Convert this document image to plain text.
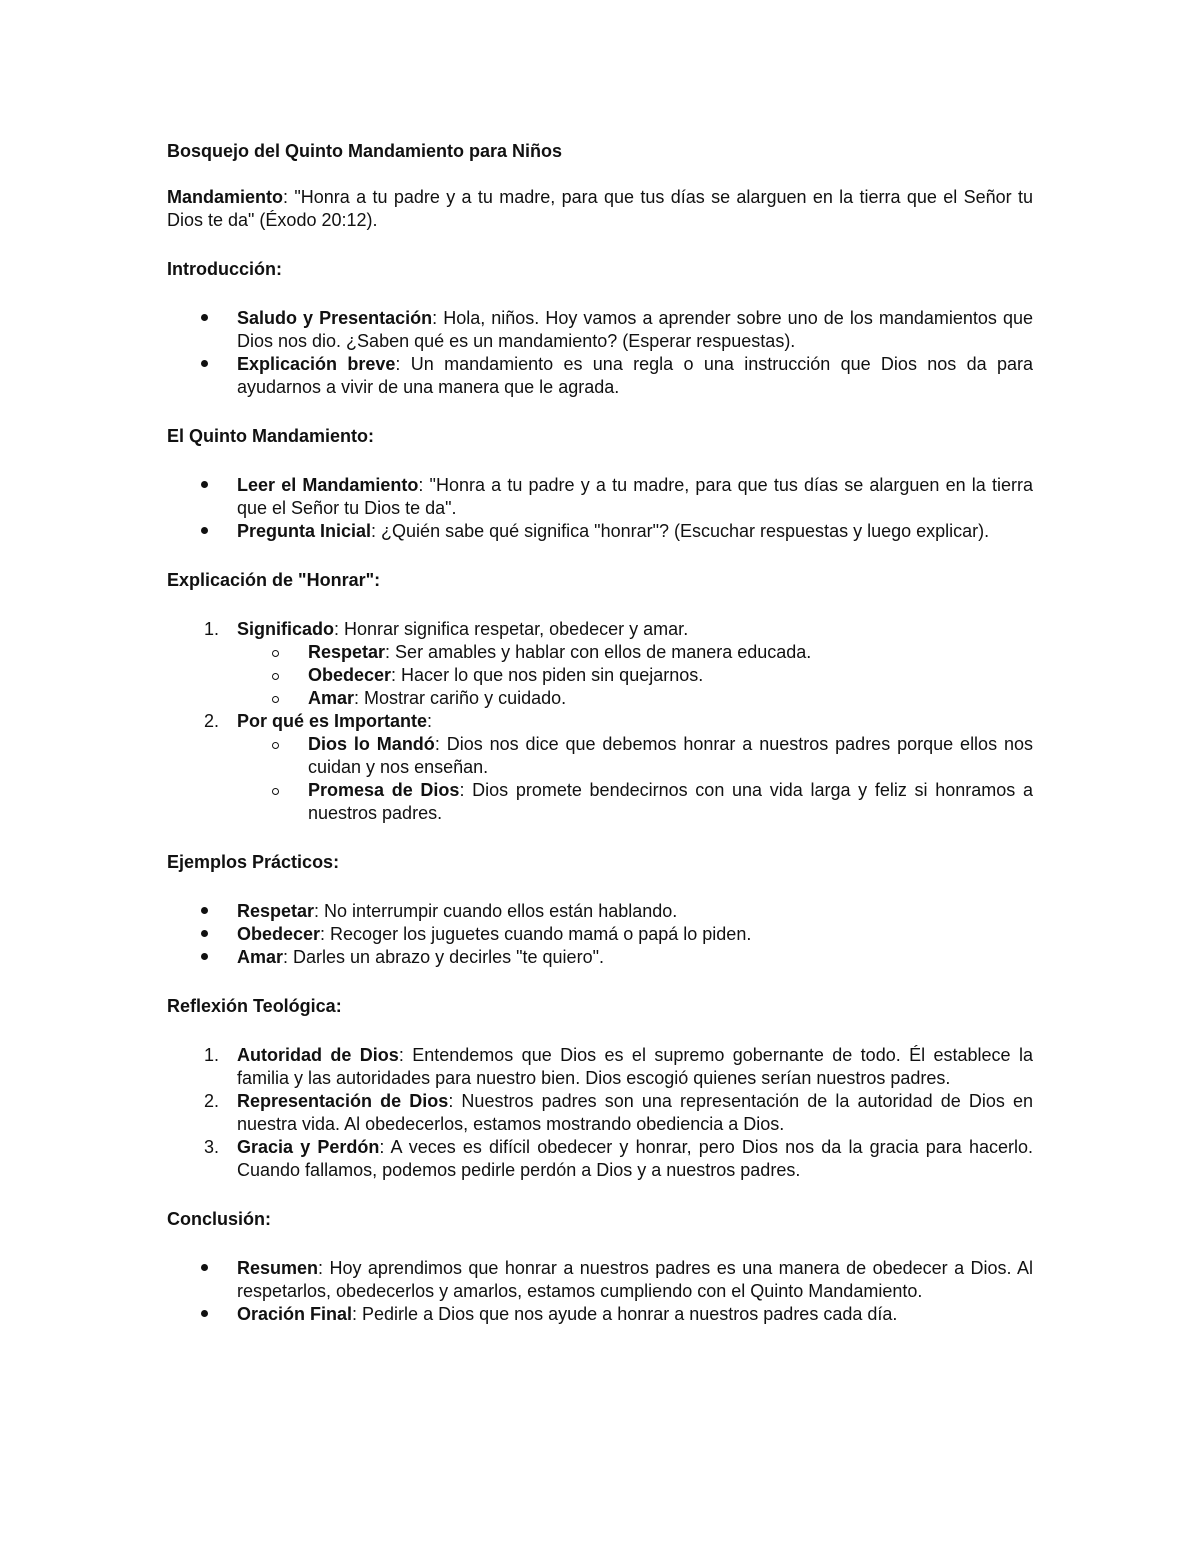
Bosquejo del Quinto Mandamiento para Niños

Mandamiento: "Honra a tu padre y a tu madre, para que tus días se alarguen en la tierra que el Señor tu Dios te da" (Éxodo 20:12).

Introducción:

Saludo y Presentación: Hola, niños. Hoy vamos a aprender sobre uno de los mandamientos que Dios nos dio. ¿Saben qué es un mandamiento? (Esperar respuestas).
Explicación breve: Un mandamiento es una regla o una instrucción que Dios nos da para ayudarnos a vivir de una manera que le agrada.

El Quinto Mandamiento:

Leer el Mandamiento: "Honra a tu padre y a tu madre, para que tus días se alarguen en la tierra que el Señor tu Dios te da".
Pregunta Inicial: ¿Quién sabe qué significa "honrar"? (Escuchar respuestas y luego explicar).

Explicación de "Honrar":

1. Significado: Honrar significa respetar, obedecer y amar.
Respetar: Ser amables y hablar con ellos de manera educada.
Obedecer: Hacer lo que nos piden sin quejarnos.
Amar: Mostrar cariño y cuidado.
2. Por qué es Importante:
Dios lo Mandó: Dios nos dice que debemos honrar a nuestros padres porque ellos nos cuidan y nos enseñan.
Promesa de Dios: Dios promete bendecirnos con una vida larga y feliz si honramos a nuestros padres.

Ejemplos Prácticos:

Respetar: No interrumpir cuando ellos están hablando.
Obedecer: Recoger los juguetes cuando mamá o papá lo piden.
Amar: Darles un abrazo y decirles "te quiero".

Reflexión Teológica:

1. Autoridad de Dios: Entendemos que Dios es el supremo gobernante de todo. Él establece la familia y las autoridades para nuestro bien. Dios escogió quienes serían nuestros padres.
2. Representación de Dios: Nuestros padres son una representación de la autoridad de Dios en nuestra vida. Al obedecerlos, estamos mostrando obediencia a Dios.
3. Gracia y Perdón: A veces es difícil obedecer y honrar, pero Dios nos da la gracia para hacerlo. Cuando fallamos, podemos pedirle perdón a Dios y a nuestros padres.

Conclusión:

Resumen: Hoy aprendimos que honrar a nuestros padres es una manera de obedecer a Dios. Al respetarlos, obedecerlos y amarlos, estamos cumpliendo con el Quinto Mandamiento.
Oración Final: Pedirle a Dios que nos ayude a honrar a nuestros padres cada día.
